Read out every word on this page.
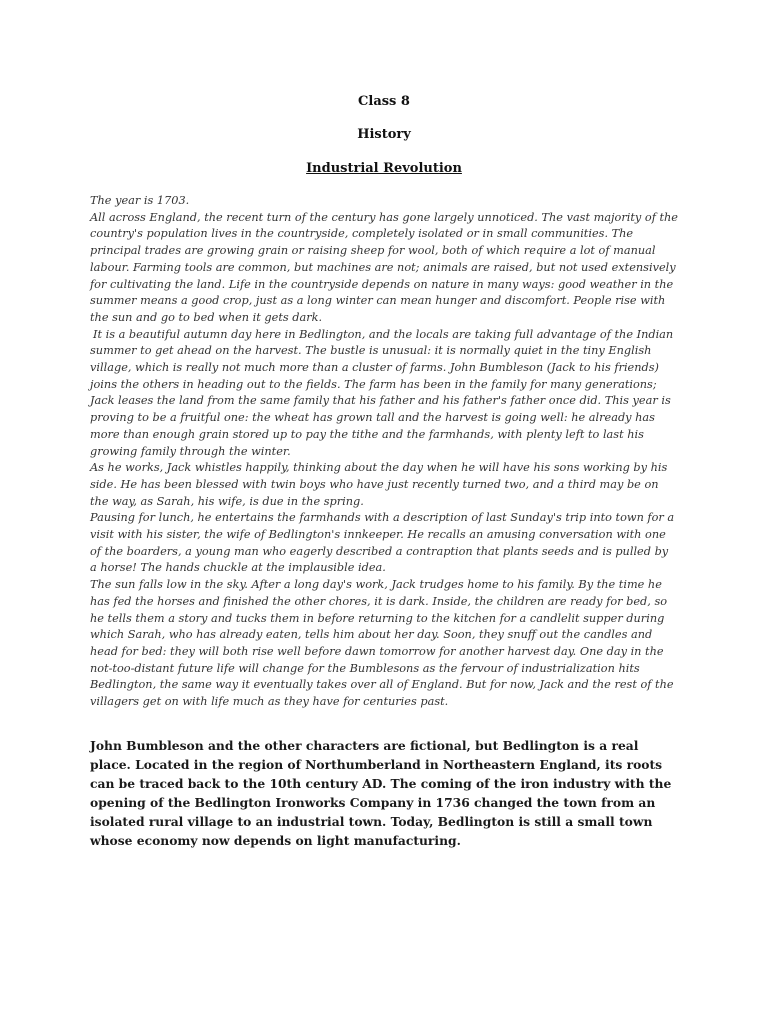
Class 8
History
Industrial Revolution

The year is 1703.

All across England, the recent turn of the century has gone largely unnoticed. The vast majority of the country's population lives in the countryside, completely isolated or in small communities. The principal trades are growing grain or raising sheep for wool, both of which require a lot of manual labour. Farming tools are common, but machines are not; animals are raised, but not used extensively for cultivating the land. Life in the countryside depends on nature in many ways: good weather in the summer means a good crop, just as a long winter can mean hunger and discomfort. People rise with the sun and go to bed when it gets dark.

It is a beautiful autumn day here in Bedlington, and the locals are taking full advantage of the Indian summer to get ahead on the harvest. The bustle is unusual: it is normally quiet in the tiny English village, which is really not much more than a cluster of farms. John Bumbleson (Jack to his friends) joins the others in heading out to the fields. The farm has been in the family for many generations; Jack leases the land from the same family that his father and his father's father once did. This year is proving to be a fruitful one: the wheat has grown tall and the harvest is going well: he already has more than enough grain stored up to pay the tithe and the farmhands, with plenty left to last his growing family through the winter.

As he works, Jack whistles happily, thinking about the day when he will have his sons working by his side. He has been blessed with twin boys who have just recently turned two, and a third may be on the way, as Sarah, his wife, is due in the spring.

Pausing for lunch, he entertains the farmhands with a description of last Sunday's trip into town for a visit with his sister, the wife of Bedlington's innkeeper. He recalls an amusing conversation with one of the boarders, a young man who eagerly described a contraption that plants seeds and is pulled by a horse! The hands chuckle at the implausible idea.

The sun falls low in the sky. After a long day's work, Jack trudges home to his family. By the time he has fed the horses and finished the other chores, it is dark. Inside, the children are ready for bed, so he tells them a story and tucks them in before returning to the kitchen for a candlelit supper during which Sarah, who has already eaten, tells him about her day. Soon, they snuff out the candles and head for bed: they will both rise well before dawn tomorrow for another harvest day. One day in the not-too-distant future life will change for the Bumblesons as the fervour of industrialization hits Bedlington, the same way it eventually takes over all of England. But for now, Jack and the rest of the villagers get on with life much as they have for centuries past.

John Bumbleson and the other characters are fictional, but Bedlington is a real place. Located in the region of Northumberland in Northeastern England, its roots can be traced back to the 10th century AD. The coming of the iron industry with the opening of the Bedlington Ironworks Company in 1736 changed the town from an isolated rural village to an industrial town. Today, Bedlington is still a small town whose economy now depends on light manufacturing.
